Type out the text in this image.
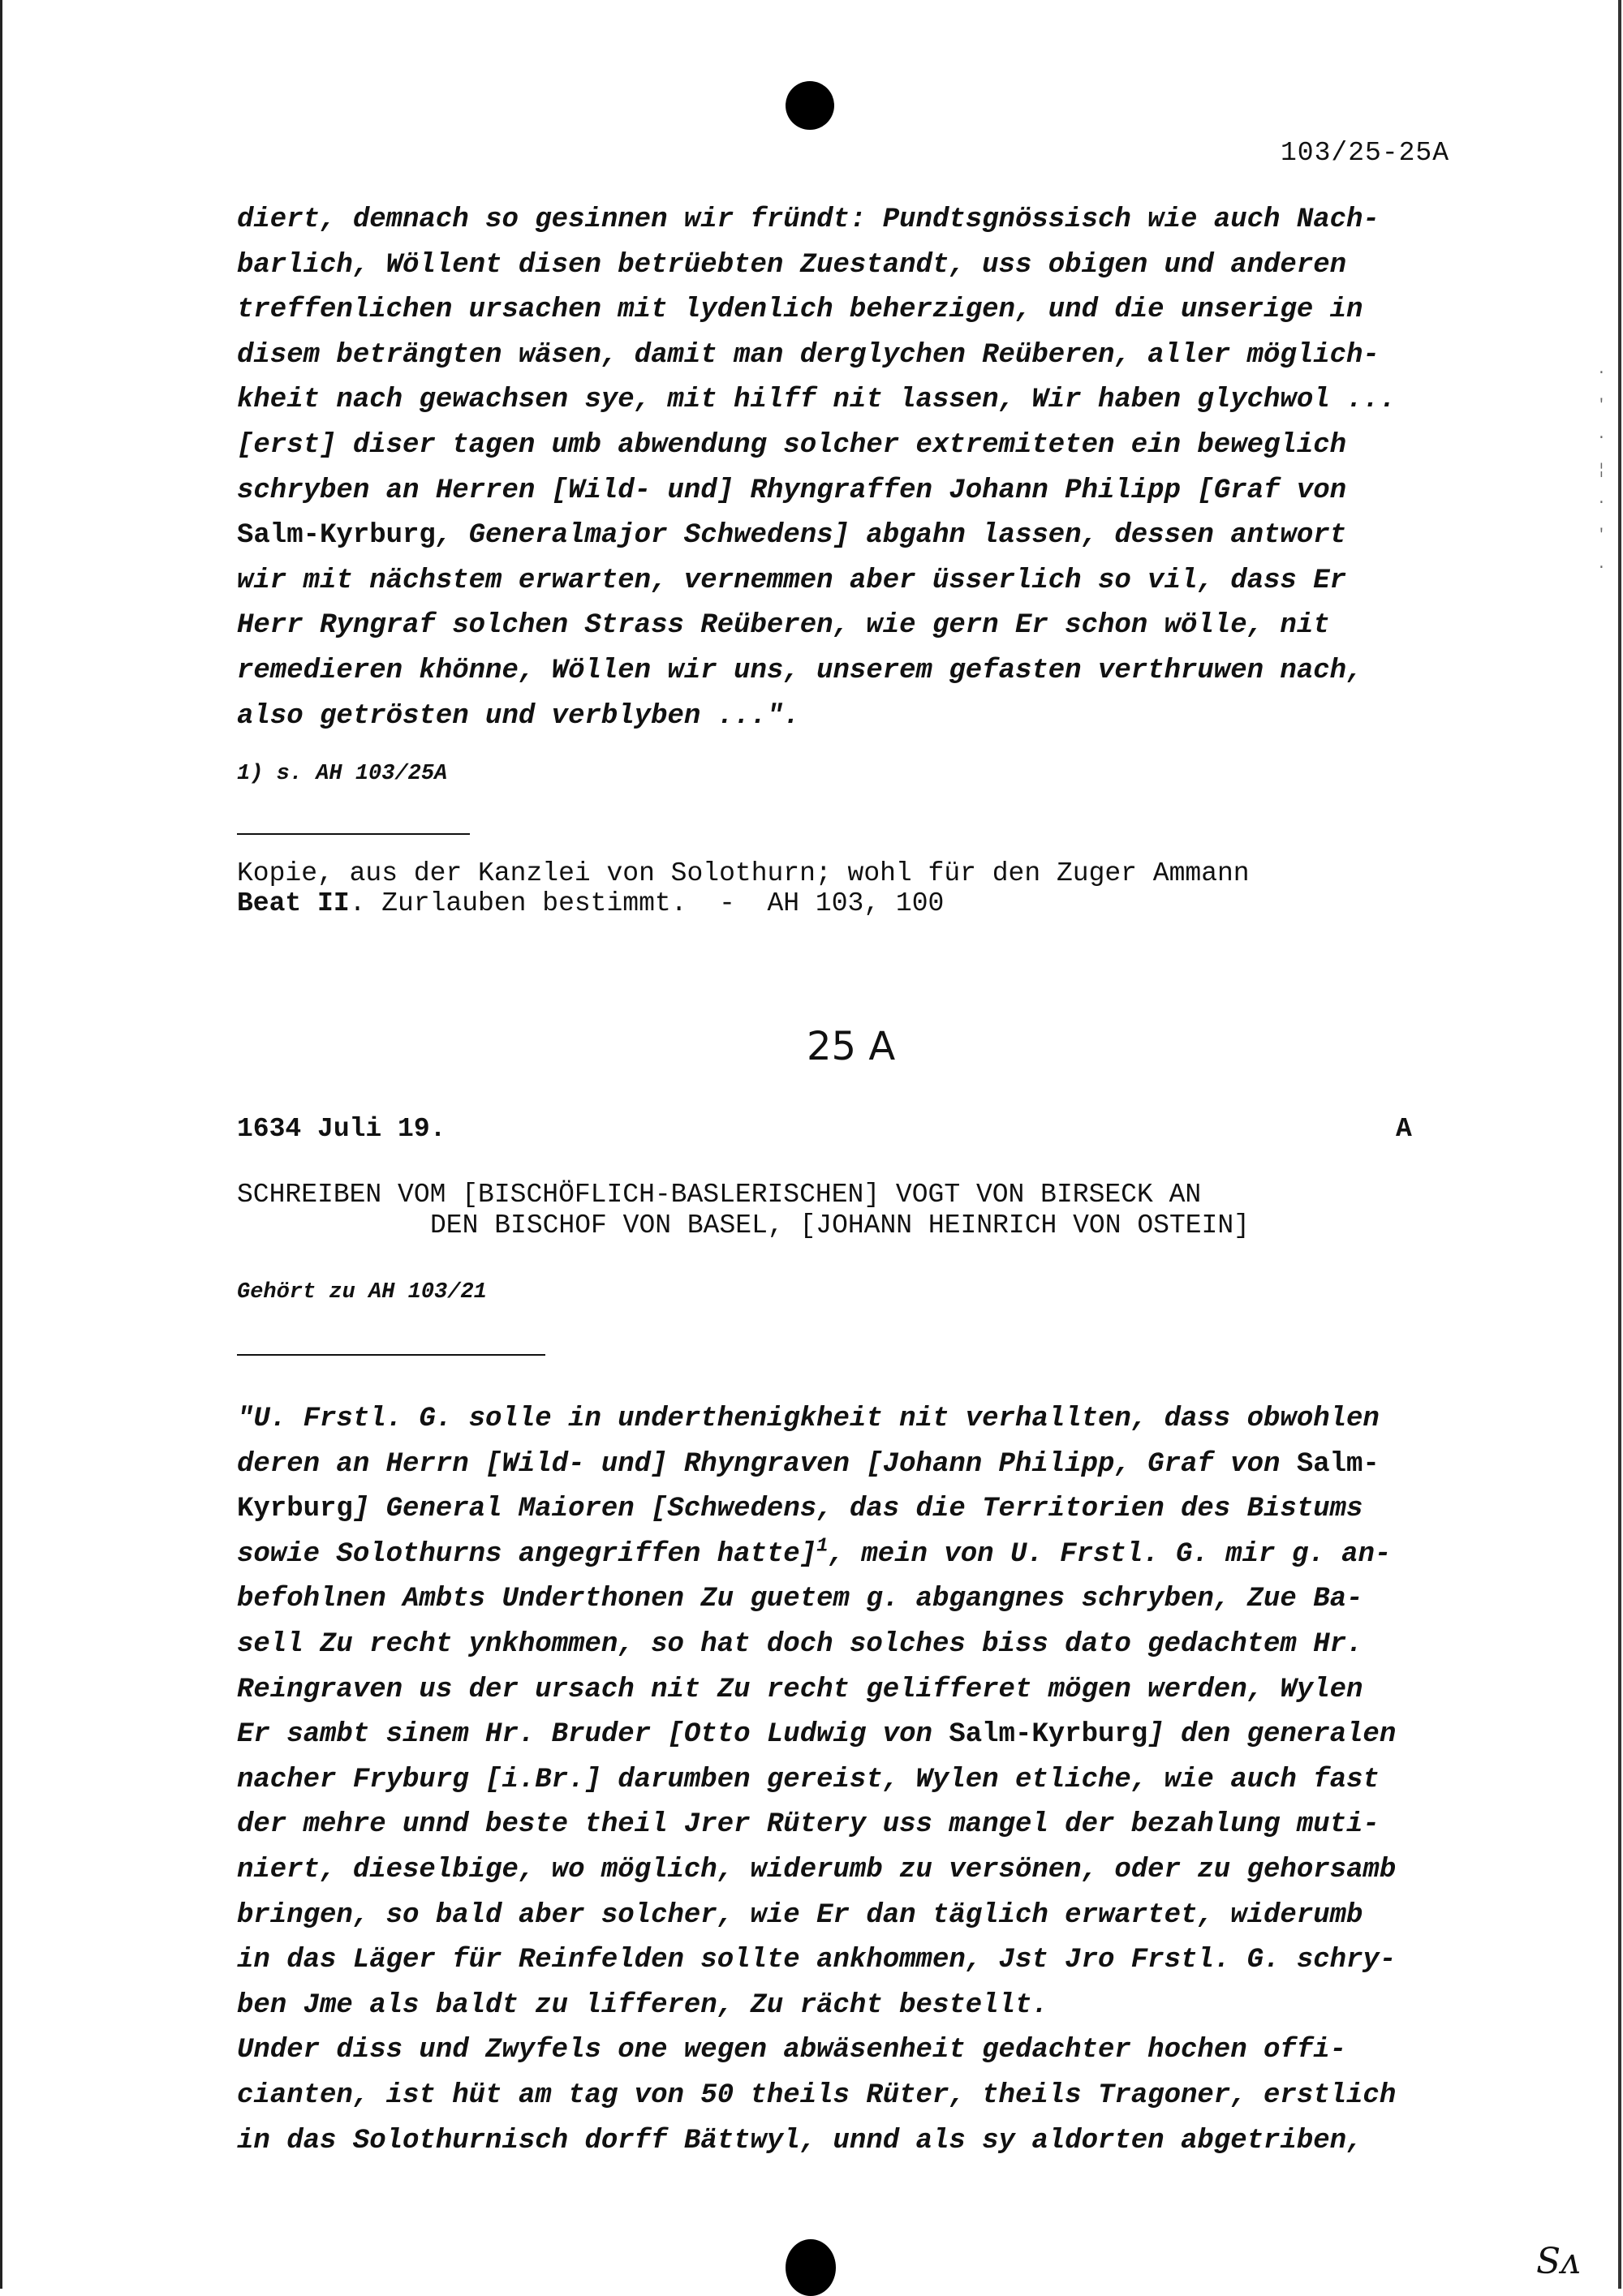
103/25-25A

diert, demnach so gesinnen wir fründt: Pundtsgnössisch wie auch Nach-
barlich, Wöllent disen betrüebten Zuestandt, uss obigen und anderen
treffenlichen ursachen mit lydenlich beherzigen, und die unserige in
disem beträngten wäsen, damit man derglychen Reüberen, aller möglich-
kheit nach gewachsen sye, mit hilff nit lassen, Wir haben glychwol ...
[erst] diser tagen umb abwendung solcher extremiteten ein beweglich
schryben an Herren [Wild- und] Rhyngraffen Johann Philipp [Graf von
Salm-Kyrburg, Generalmajor Schwedens] abgahn lassen, dessen antwort
wir mit nächstem erwarten, vernemmen aber üsserlich so vil, dass Er
Herr Ryngraf solchen Strass Reüberen, wie gern Er schon wölle, nit
remedieren khönne, Wöllen wir uns, unserem gefasten verthruwen nach,
also getrösten und verblyben ...".

1) s. AH 103/25A
Kopie, aus der Kanzlei von Solothurn; wohl für den Zuger Ammann
Beat II. Zurlauben bestimmt.  -  AH 103, 100
25 A
1634 Juli 19.	A
SCHREIBEN VOM [BISCHÖFLICH-BASLERISCHEN] VOGT VON BIRSECK AN
DEN BISCHOF VON BASEL, [JOHANN HEINRICH VON OSTEIN]
Gehört zu AH 103/21

"U. Frstl. G. solle in underthenigkheit nit verhallten, dass obwohlen
deren an Herrn [Wild- und] Rhyngraven [Johann Philipp, Graf von Salm-
Kyrburg] General Maioren [Schwedens, das die Territorien des Bistums
sowie Solothurns angegriffen hatte]$^1$, mein von U. Frstl. G. mir g. an-
befohlnen Ambts Underthonen Zu guetem g. abgangnes schryben, Zue Ba-
sell Zu recht ynkhommen, so hat doch solches biss dato gedachtem Hr.
Reingraven us der ursach nit Zu recht gelifferet mögen werden, Wylen
Er sambt sinem Hr. Bruder [Otto Ludwig von Salm-Kyrburg] den generalen
nacher Fryburg [i.Br.] darumben gereist, Wylen etliche, wie auch fast
der mehre unnd beste theil Jrer Rütery uss mangel der bezahlung muti-
niert, dieselbige, wo möglich, widerumb zu versönen, oder zu gehorsamb
bringen, so bald aber solcher, wie Er dan täglich erwartet, widerumb
in das Läger für Reinfelden sollte ankhommen, Jst Jro Frstl. G. schry-
ben Jme als baldt zu lifferen, Zu rächt bestellt.
Under diss und Zwyfels one wegen abwäsenheit gedachter hochen offi-
cianten, ist hüt am tag von 50 theils Rüter, theils Tragoner, erstlich
in das Solothurnisch dorff Bättwyl, unnd als sy aldorten abgetriben,

·
'
·
¦
·
'
·
Sᴧ
